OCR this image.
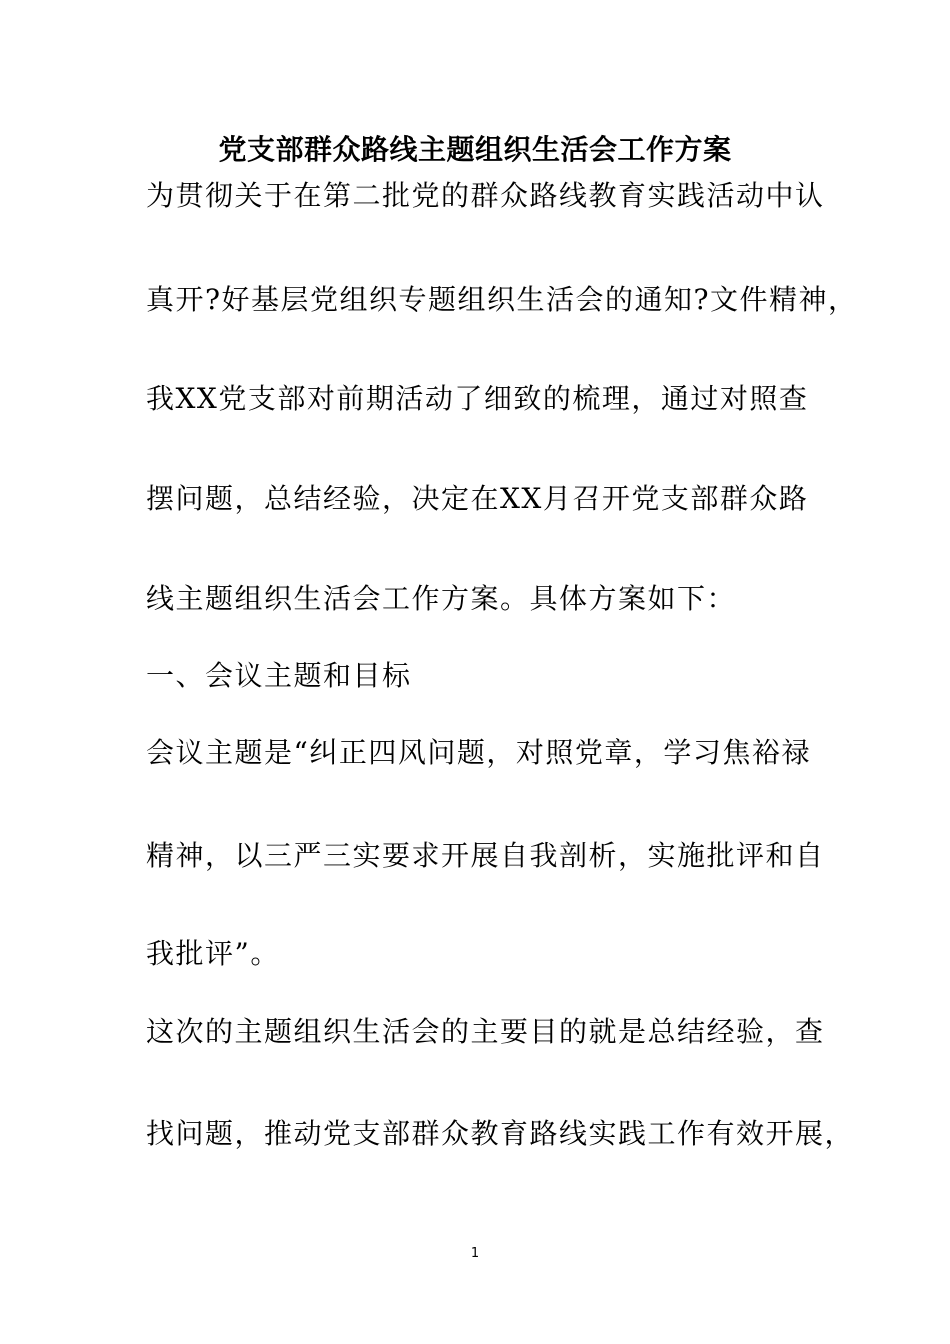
党支部群众路线主题组织生活会工作方案
为贯彻关于在第二批党的群众路线教育实践活动中认
真开?好基层党组织专题组织生活会的通知?文件精神，
我XX党支部对前期活动了细致的梳理，通过对照查
摆问题，总结经验，决定在XX月召开党支部群众路
线主题组织生活会工作方案。具体方案如下：
一、会议主题和目标
会议主题是“纠正四风问题，对照党章，学习焦裕禄
精神，以三严三实要求开展自我剖析，实施批评和自
我批评”。
这次的主题组织生活会的主要目的就是总结经验，查
找问题，推动党支部群众教育路线实践工作有效开展，
1
